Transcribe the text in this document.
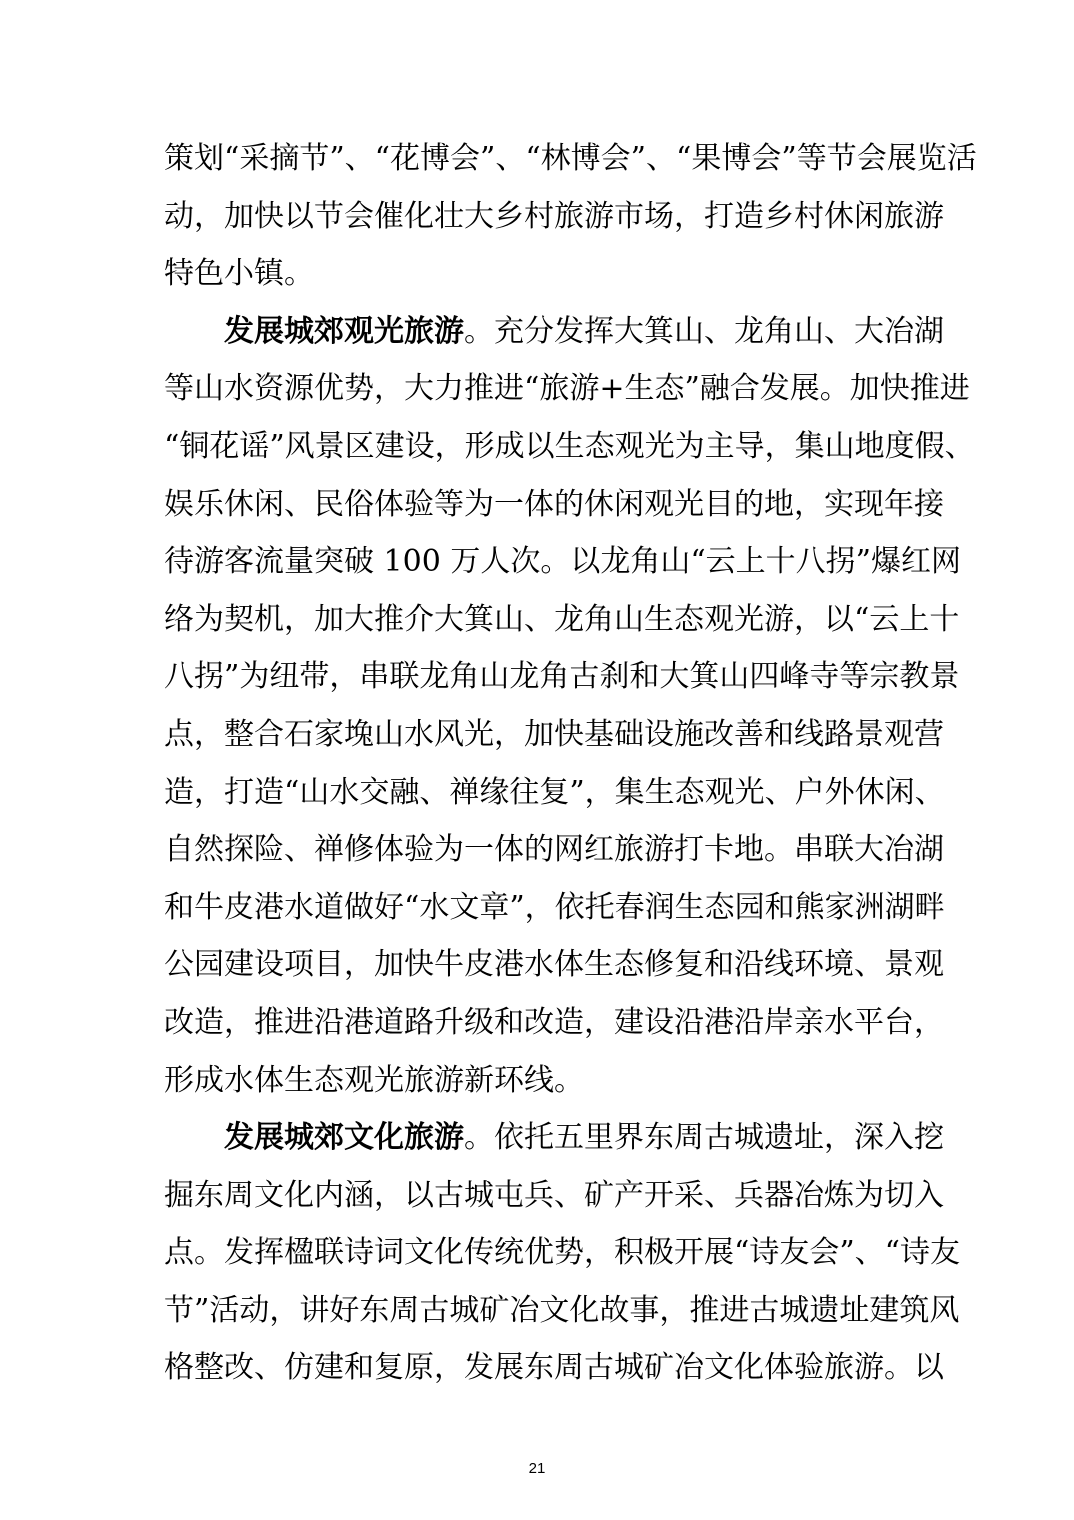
策划“采摘节”、“花博会”、“林博会”、“果博会”等节会展览活
动，加快以节会催化壮大乡村旅游市场，打造乡村休闲旅游
特色小镇。
发展城郊观光旅游。充分发挥大箕山、龙角山、大冶湖
等山水资源优势，大力推进“旅游+生态”融合发展。加快推进
“铜花谣”风景区建设，形成以生态观光为主导，集山地度假、
娱乐休闲、民俗体验等为一体的休闲观光目的地，实现年接
待游客流量突破 100 万人次。以龙角山“云上十八拐”爆红网
络为契机，加大推介大箕山、龙角山生态观光游，以“云上十
八拐”为纽带，串联龙角山龙角古刹和大箕山四峰寺等宗教景
点，整合石家堍山水风光，加快基础设施改善和线路景观营
造，打造“山水交融、禅缘往复”，集生态观光、户外休闲、
自然探险、禅修体验为一体的网红旅游打卡地。串联大冶湖
和牛皮港水道做好“水文章”，依托春润生态园和熊家洲湖畔
公园建设项目，加快牛皮港水体生态修复和沿线环境、景观
改造，推进沿港道路升级和改造，建设沿港沿岸亲水平台，
形成水体生态观光旅游新环线。
发展城郊文化旅游。依托五里界东周古城遗址，深入挖
掘东周文化内涵，以古城屯兵、矿产开采、兵器冶炼为切入
点。发挥楹联诗词文化传统优势，积极开展“诗友会”、“诗友
节”活动，讲好东周古城矿冶文化故事，推进古城遗址建筑风
格整改、仿建和复原，发展东周古城矿冶文化体验旅游。以
21
